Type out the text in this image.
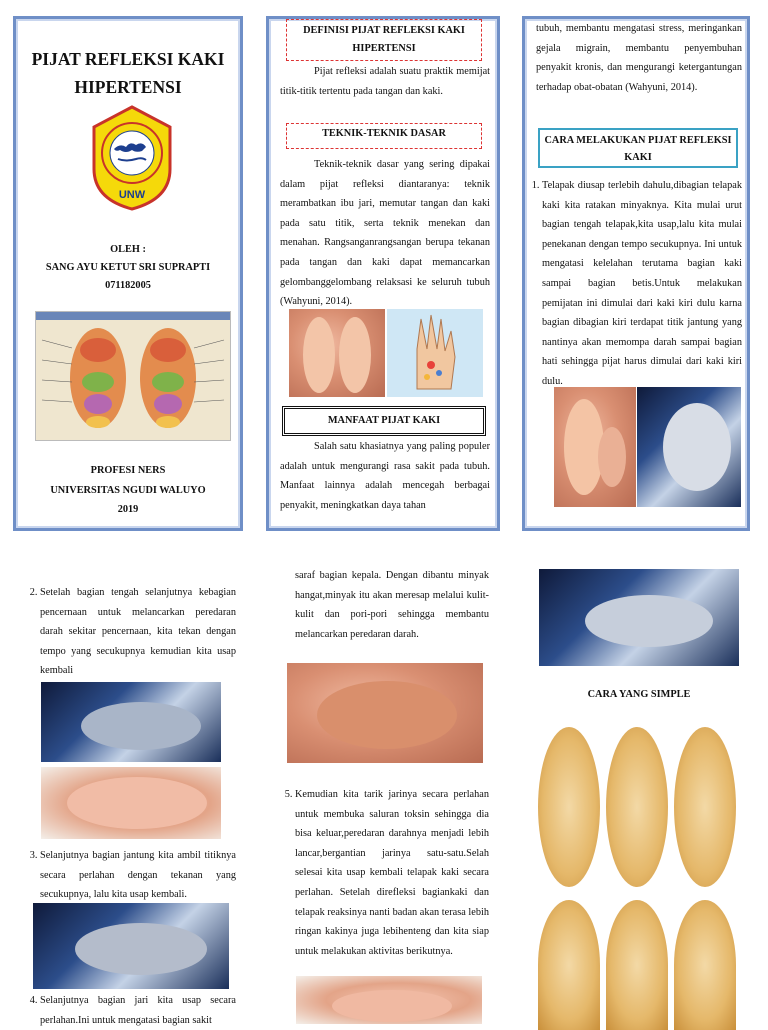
PIJAT REFLEKSI KAKI
HIPERTENSI
UNW
OLEH :
SANG AYU KETUT SRI SUPRAPTI
071182005
PROFESI NERS
UNIVERSITAS NGUDI WALUYO
2019
DEFINISI PIJAT REFLEKSI KAKI HIPERTENSI
Pijat refleksi adalah suatu praktik memijat titik-titik tertentu pada tangan dan kaki.
TEKNIK-TEKNIK DASAR
Teknik-teknik dasar yang sering dipakai dalam pijat refleksi diantaranya: teknik merambatkan ibu jari, memutar tangan dan kaki pada satu titik, serta teknik menekan dan menahan. Rangsanganrangsangan berupa tekanan pada tangan dan kaki dapat memancarkan gelombanggelombang relaksasi ke seluruh tubuh (Wahyuni, 2014).
MANFAAT PIJAT KAKI
Salah satu khasiatnya yang paling populer adalah untuk mengurangi rasa sakit pada tubuh. Manfaat lainnya adalah mencegah berbagai penyakit, meningkatkan daya tahan
tubuh, membantu mengatasi stress, meringankan gejala migrain, membantu penyembuhan penyakit kronis, dan mengurangi ketergantungan terhadap obat-obatan (Wahyuni, 2014).
CARA MELAKUKAN PIJAT REFLEKSI KAKI
1. Telapak diusap terlebih dahulu,dibagian telapak kaki kita ratakan minyaknya. Kita mulai urut bagian tengah telapak,kita usap,lalu kita mulai penekanan dengan tempo secukupnya. Ini untuk mengatasi kelelahan terutama bagian kaki sampai bagian betis.Untuk melakukan pemijatan ini dimulai dari kaki kiri dulu karna bagian dibagian kiri terdapat titik jantung yang nantinya akan memompa darah sampai bagian hati sehingga pijat harus dimulai dari kaki kiri dulu.
2. Setelah bagian tengah selanjutnya kebagian pencernaan untuk melancarkan peredaran darah sekitar pencernaan, kita tekan dengan tempo yang secukupnya kemudian kita usap kembali
3. Selanjutnya bagian jantung kita ambil titiknya secara perlahan dengan tekanan yang secukupnya, lalu kita usap kembali.
4. Selanjutnya bagian jari kita usap secara perlahan.Ini untuk mengatasi bagian sakit
saraf bagian kepala. Dengan dibantu minyak hangat,minyak itu akan meresap melalui kulit-kulit dan pori-pori sehingga membantu melancarkan peredaran darah.
5. Kemudian kita tarik jarinya secara perlahan untuk membuka saluran toksin sehingga dia bisa keluar,peredaran darahnya menjadi lebih lancar,bergantian jarinya satu-satu.Selah selesai kita usap kembali telapak kaki secara perlahan. Setelah direfleksi bagiankaki dan telapak reaksinya nanti badan akan terasa lebih ringan kakinya juga lebihenteng dan kita siap untuk melakukan aktivitas berikutnya.
CARA YANG SIMPLE
